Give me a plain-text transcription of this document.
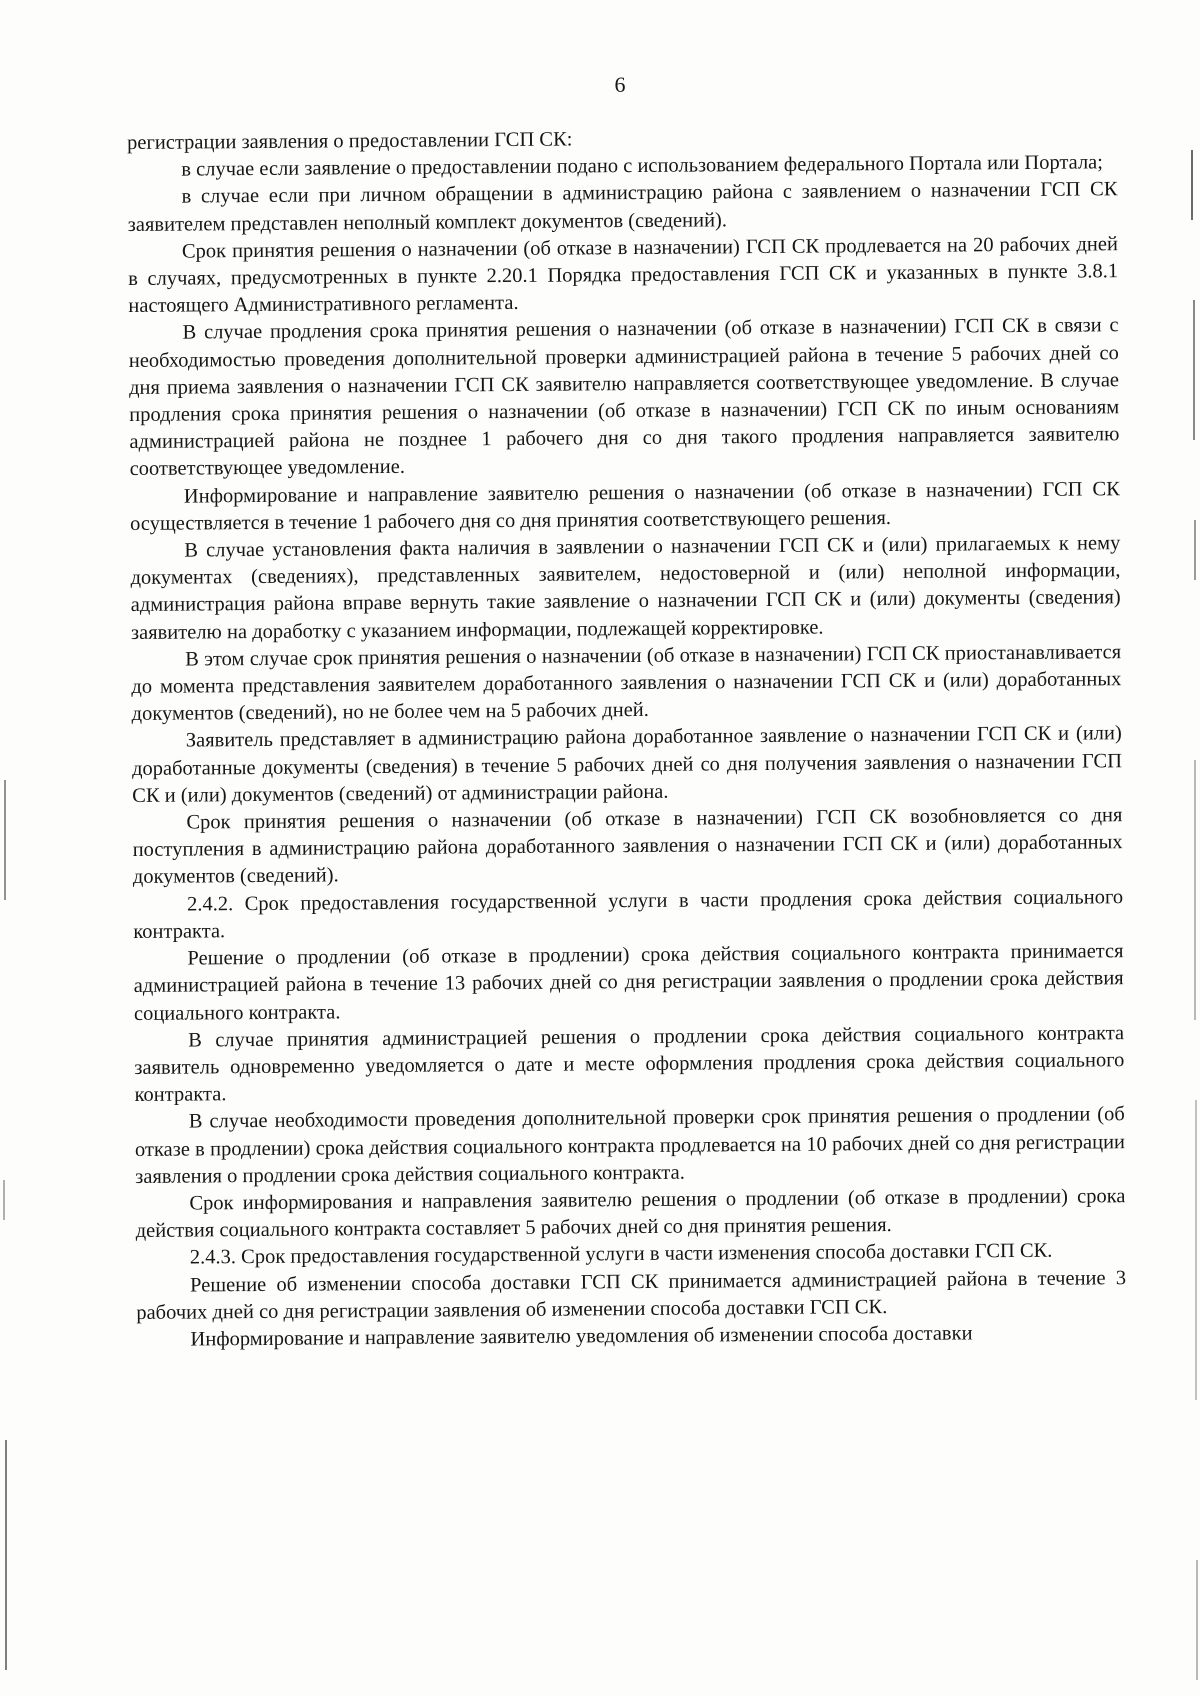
6

регистрации заявления о предоставлении ГСП СК:

в случае если заявление о предоставлении подано с использованием федерального Портала или Портала;

в случае если при личном обращении в администрацию района с заявлением о назначении ГСП СК заявителем представлен неполный комплект документов (сведений).

Срок принятия решения о назначении (об отказе в назначении) ГСП СК продлевается на 20 рабочих дней в случаях, предусмотренных в пункте 2.20.1 Порядка предоставления ГСП СК и указанных в пункте 3.8.1 настоящего Административного регламента.

В случае продления срока принятия решения о назначении (об отказе в назначении) ГСП СК в связи с необходимостью проведения дополнительной проверки администрацией района в течение 5 рабочих дней со дня приема заявления о назначении ГСП СК заявителю направляется соответствующее уведомление. В случае продления срока принятия решения о назначении (об отказе в назначении) ГСП СК по иным основаниям администрацией района не позднее 1 рабочего дня со дня такого продления направляется заявителю соответствующее уведомление.

Информирование и направление заявителю решения о назначении (об отказе в назначении) ГСП СК осуществляется в течение 1 рабочего дня со дня принятия соответствующего решения.

В случае установления факта наличия в заявлении о назначении ГСП СК и (или) прилагаемых к нему документах (сведениях), представленных заявителем, недостоверной и (или) неполной информации, администрация района вправе вернуть такие заявление о назначении ГСП СК и (или) документы (сведения) заявителю на доработку с указанием информации, подлежащей корректировке.

В этом случае срок принятия решения о назначении (об отказе в назначении) ГСП СК приостанавливается до момента представления заявителем доработанного заявления о назначении ГСП СК и (или) доработанных документов (сведений), но не более чем на 5 рабочих дней.

Заявитель представляет в администрацию района доработанное заявление о назначении ГСП СК и (или) доработанные документы (сведения) в течение 5 рабочих дней со дня получения заявления о назначении ГСП СК и (или) документов (сведений) от администрации района.

Срок принятия решения о назначении (об отказе в назначении) ГСП СК возобновляется со дня поступления в администрацию района доработанного заявления о назначении ГСП СК и (или) доработанных документов (сведений).

2.4.2. Срок предоставления государственной услуги в части продления срока действия социального контракта.

Решение о продлении (об отказе в продлении) срока действия социального контракта принимается администрацией района в течение 13 рабочих дней со дня регистрации заявления о продлении срока действия социального контракта.

В случае принятия администрацией решения о продлении срока действия социального контракта заявитель одновременно уведомляется о дате и месте оформления продления срока действия социального контракта.

В случае необходимости проведения дополнительной проверки срок принятия решения о продлении (об отказе в продлении) срока действия социального контракта продлевается на 10 рабочих дней со дня регистрации заявления о продлении срока действия социального контракта.

Срок информирования и направления заявителю решения о продлении (об отказе в продлении) срока действия социального контракта составляет 5 рабочих дней со дня принятия решения.

2.4.3. Срок предоставления государственной услуги в части изменения способа доставки ГСП СК.

Решение об изменении способа доставки ГСП СК принимается администрацией района в течение 3 рабочих дней со дня регистрации заявления об изменении способа доставки ГСП СК.

Информирование и направление заявителю уведомления об изменении способа доставки
